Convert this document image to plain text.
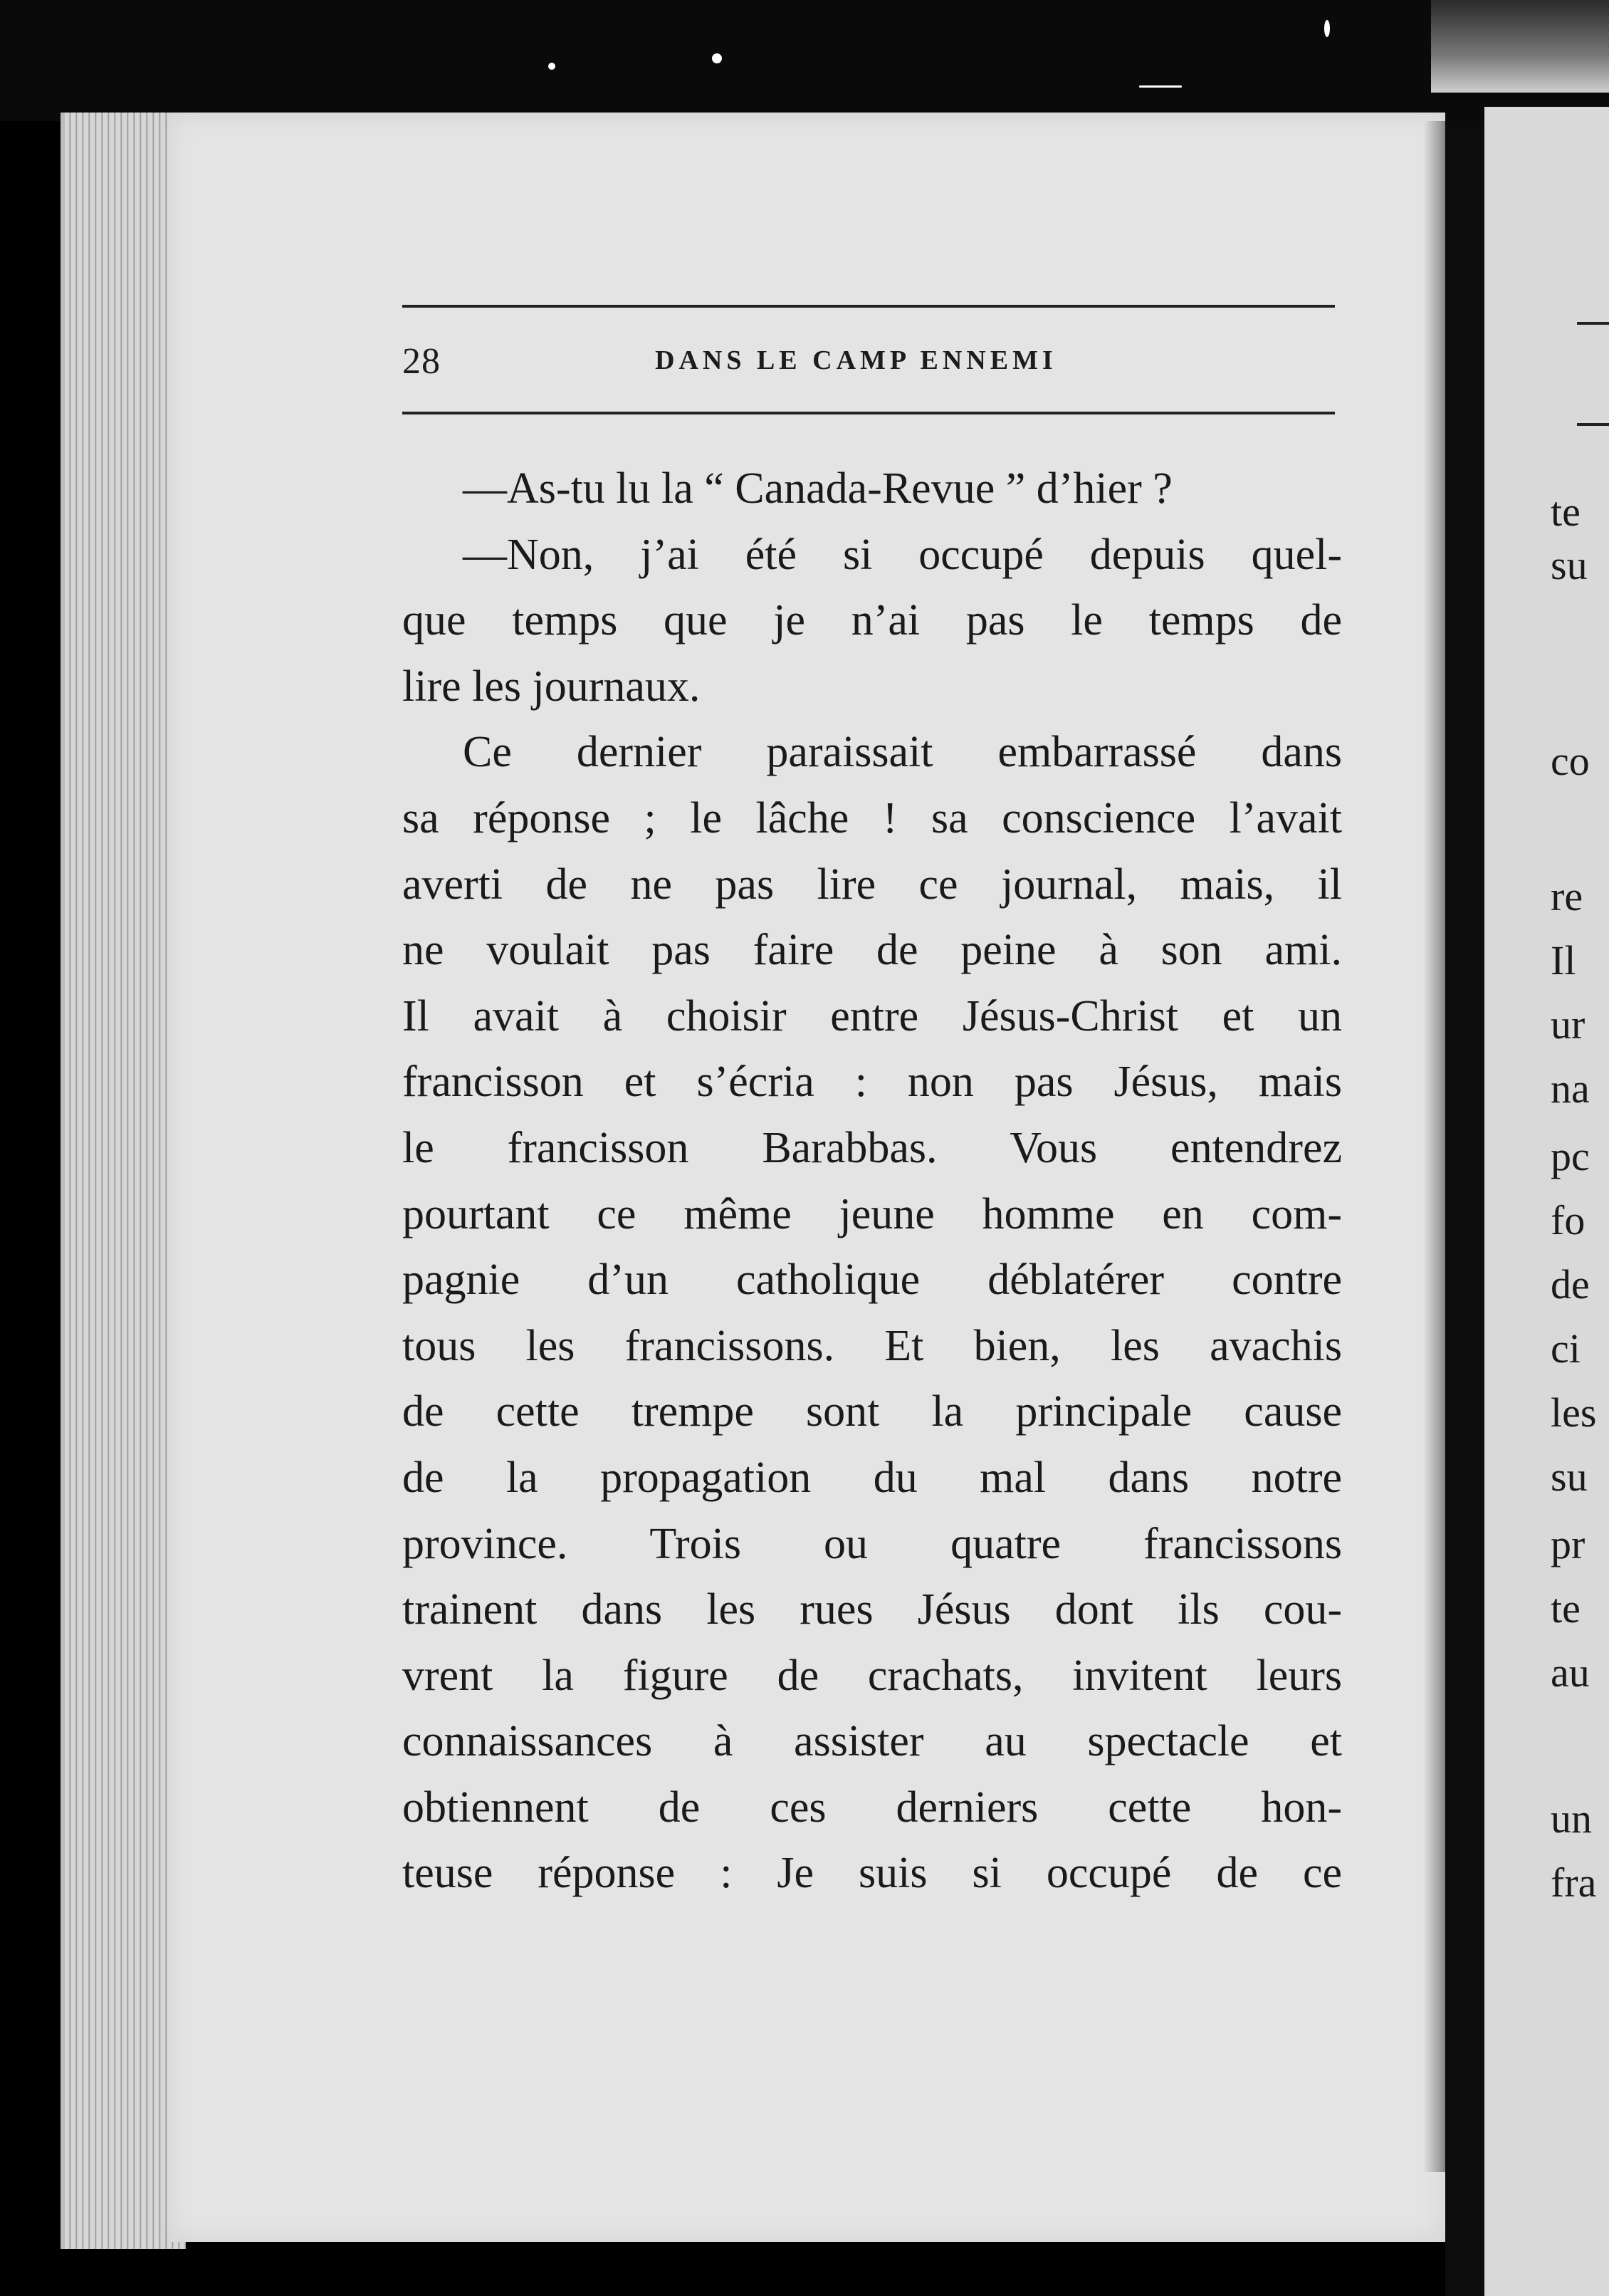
te
su
co
re
Il
ur
na
pc
fo
de
ci
les
su
pr
te
au
un
fra
28	DANS LE CAMP ENNEMI
—As-tu lu la “ Canada-Revue ” d’hier ?
—Non, j’ai été si occupé depuis quel-
que temps que je n’ai pas le temps de
lire les journaux.
Ce dernier paraissait embarrassé dans
sa réponse ; le lâche ! sa conscience l’avait
averti de ne pas lire ce journal, mais, il
ne voulait pas faire de peine à son ami.
Il avait à choisir entre Jésus-Christ et un
francisson et s’écria : non pas Jésus, mais
le francisson Barabbas. Vous entendrez
pourtant ce même jeune homme en com-
pagnie d’un catholique déblatérer contre
tous les francissons. Et bien, les avachis
de cette trempe sont la principale cause
de la propagation du mal dans notre
province. Trois ou quatre francissons
trainent dans les rues Jésus dont ils cou-
vrent la figure de crachats, invitent leurs
connaissances à assister au spectacle et
obtiennent de ces derniers cette hon-
teuse réponse : Je suis si occupé de ce
